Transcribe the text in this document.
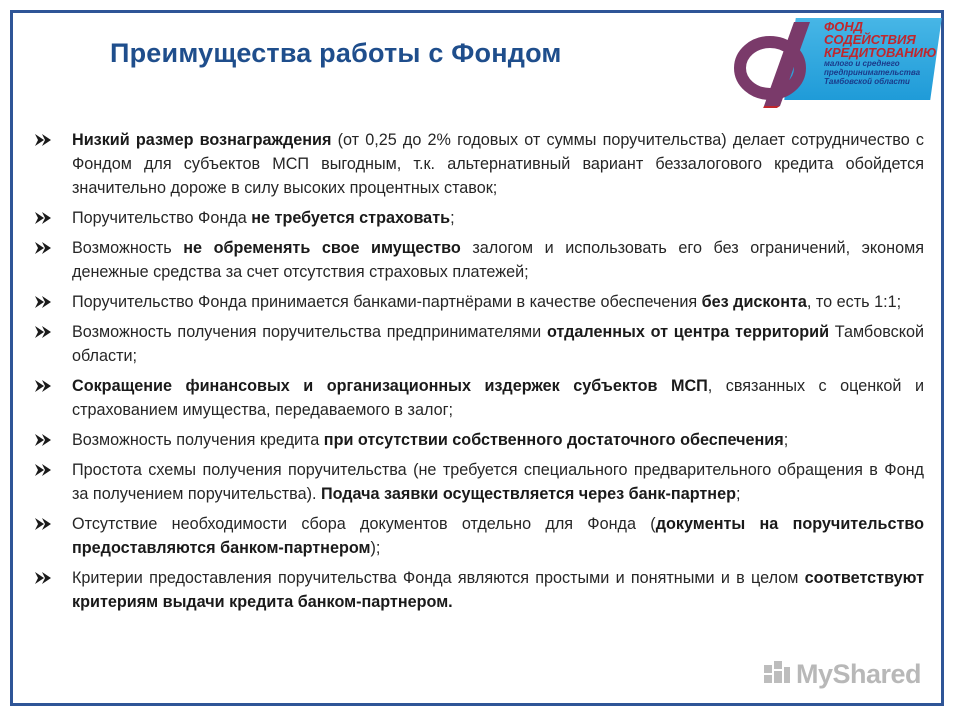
Преимущества работы с Фондом
ФОНД
СОДЕЙСТВИЯ
КРЕДИТОВАНИЮ
малого и среднего
предпринимательства
Тамбовской области
Низкий размер вознаграждения (от 0,25 до 2% годовых от суммы поручительства) делает сотрудничество с Фондом для субъектов МСП выгодным, т.к. альтернативный вариант беззалогового кредита обойдется значительно дороже в силу высоких процентных ставок;
Поручительство Фонда не требуется страховать;
Возможность не обременять свое имущество залогом и использовать его без ограничений, экономя денежные средства за счет отсутствия страховых платежей;
Поручительство Фонда принимается банками-партнёрами в качестве обеспечения без дисконта, то есть 1:1;
Возможность получения поручительства предпринимателями отдаленных от центра территорий Тамбовской области;
Сокращение финансовых и организационных издержек субъектов МСП, связанных с оценкой и страхованием имущества, передаваемого в залог;
Возможность получения кредита при отсутствии собственного достаточного обеспечения;
Простота схемы получения поручительства (не требуется специального предварительного обращения в Фонд за получением поручительства). Подача заявки осуществляется через банк-партнер;
Отсутствие необходимости сбора документов отдельно для Фонда (документы на поручительство предоставляются банком-партнером);
Критерии предоставления поручительства Фонда являются простыми и понятными и в целом соответствуют критериям выдачи кредита банком-партнером.
MyShared
